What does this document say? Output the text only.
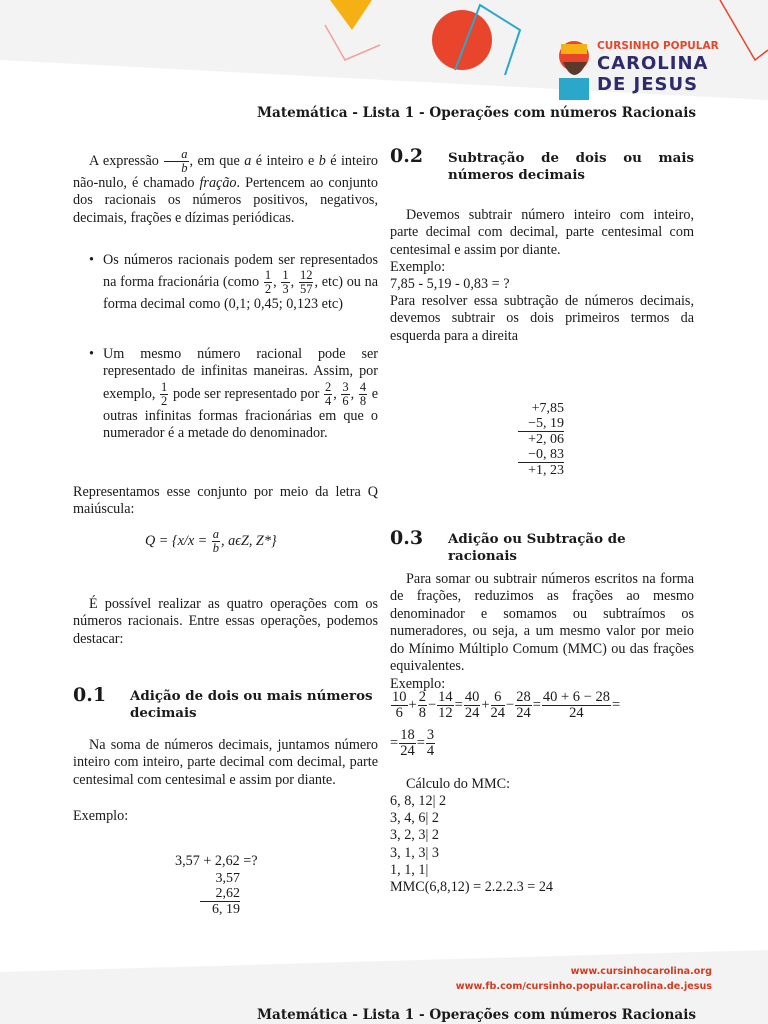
CURSINHO POPULAR
CAROLINA
DE JESUS
Matemática - Lista 1 - Operações com números Racionais
A expressão $\frac{a}{b}$ , em que a é inteiro e b é inteiro não-nulo, é chamado fração. Pertencem ao conjunto dos racionais os números positivos, negativos, decimais, frações e dízimas periódicas.
• Os números racionais podem ser representados na forma fracionária (como $\frac{1}{2}$ , $\frac{1}{3}$ , $\frac{12}{57}$ , etc) ou na forma decimal como (0,1; 0,45; 0,123 etc)
• Um mesmo número racional pode ser representado de infinitas maneiras. Assim, por exemplo, $\frac{1}{2}$ pode ser representado por $\frac{2}{4}$ , $\frac{3}{6}$ , $\frac{4}{8}$ e outras infinitas formas fracionárias em que o numerador é a metade do denominador.
Representamos esse conjunto por meio da letra Q maiúscula:
$Q = \{x/x = \frac{a}{b}$ , aϵZ, Z*}
É possível realizar as quatro operações com os números racionais. Entre essas operações, podemos destacar:
0.1 Adição de dois ou mais números decimais
Na soma de números decimais, juntamos número inteiro com inteiro, parte decimal com decimal, parte centesimal com centesimal e assim por diante.
Exemplo:
3,57 + 2,62 =?
3,57
2,62
6, 19
0.2 Subtração de dois ou mais números decimais
Devemos subtrair número inteiro com inteiro, parte decimal com decimal, parte centesimal com centesimal e assim por diante.
Exemplo:
7,85 - 5,19 - 0,83 = ?
Para resolver essa subtração de números decimais, devemos subtrair os dois primeiros termos da esquerda para a direita
+7,85
−5, 19
+2, 06
−0, 83
+1, 23
0.3 Adição ou Subtração de racionais
Para somar ou subtrair números escritos na forma de frações, reduzimos as frações ao mesmo denominador e somamos ou subtraímos os numeradores, ou seja, a um mesmo valor por meio do Mínimo Múltiplo Comum (MMC) ou das frações equivalentes.
Exemplo:
$\frac{10}{6} + \frac{2}{8} - \frac{14}{12} = \frac{40}{24} + \frac{6}{24} - \frac{28}{24} = \frac{40 + 6 - 28}{24}$ =
= $\frac{18}{24} = \frac{3}{4}$
Cálculo do MMC:
6, 8, 12| 2
3, 4, 6| 2
3, 2, 3| 2
3, 1, 3| 3
1, 1, 1|
MMC(6,8,12) = 2.2.2.3 = 24
www.cursinhocarolina.org
www.fb.com/cursinho.popular.carolina.de.jesus
Matemática - Lista 1 - Operações com números Racionais
